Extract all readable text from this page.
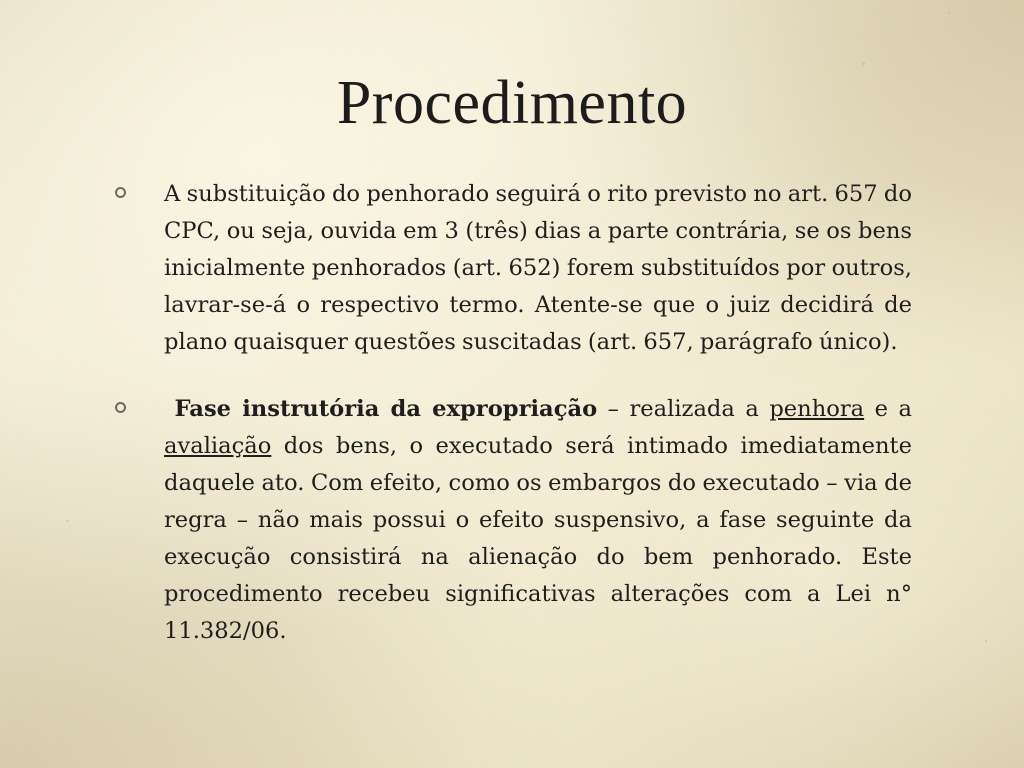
Procedimento
A substituição do penhorado seguirá o rito previsto no art. 657 do CPC, ou seja, ouvida em 3 (três) dias a parte contrária, se os bens inicialmente penhorados (art. 652) forem substituídos por outros, lavrar-se-á o respectivo termo. Atente-se que o juiz decidirá de plano quaisquer questões suscitadas (art. 657, parágrafo único).
Fase instrutória da expropriação – realizada a penhora e a avaliação dos bens, o executado será intimado imediatamente daquele ato. Com efeito, como os embargos do executado – via de regra – não mais possui o efeito suspensivo, a fase seguinte da execução consistirá na alienação do bem penhorado. Este procedimento recebeu significativas alterações com a Lei n° 11.382/06.
